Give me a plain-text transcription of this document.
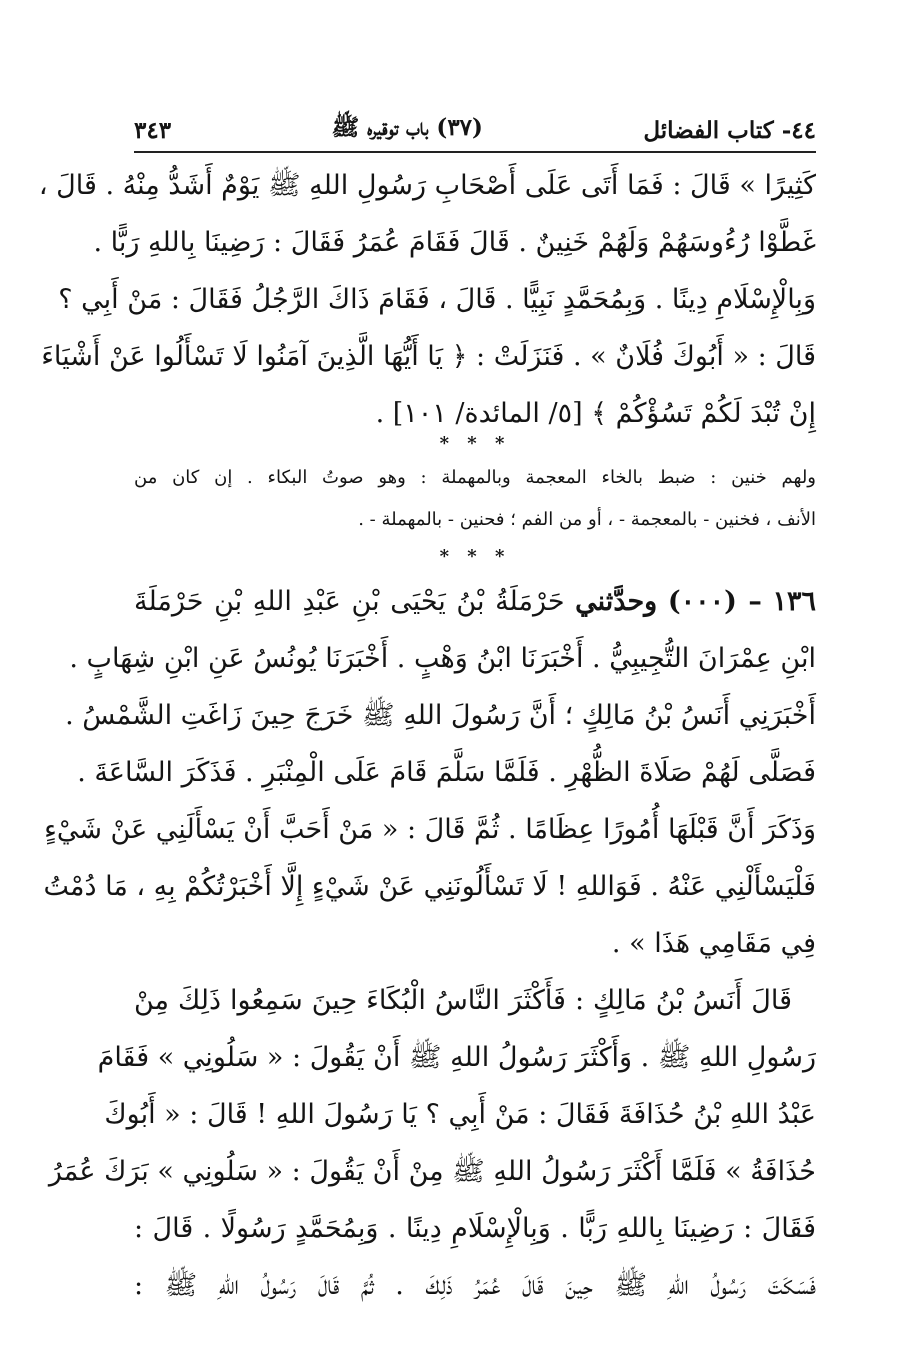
٤٤- كتاب الفضائل
(٣٧) باب توقيره ﷺ
٣٤٣
كَثِيرًا » قَالَ : فَمَا أَتَى عَلَى أَصْحَابِ رَسُولِ اللهِ ﷺ يَوْمٌ أَشَدُّ مِنْهُ . قَالَ ،
غَطَّوْا رُءُوسَهُمْ وَلَهُمْ خَنِينٌ . قَالَ فَقَامَ عُمَرُ فَقَالَ : رَضِينَا بِاللهِ رَبًّا .
وَبِالْإِسْلَامِ دِينًا . وَبِمُحَمَّدٍ نَبِيًّا . قَالَ ، فَقَامَ ذَاكَ الرَّجُلُ فَقَالَ : مَنْ أَبِي ؟
قَالَ : « أَبُوكَ فُلَانٌ » . فَنَزَلَتْ : ﴿ يَا أَيُّهَا الَّذِينَ آمَنُوا لَا تَسْأَلُوا عَنْ أَشْيَاءَ
إِنْ تُبْدَ لَكُمْ تَسُؤْكُمْ ﴾ [٥/ المائدة/ ١٠١] .
* * *
ولهم خنين : ضبط بالخاء المعجمة وبالمهملة : وهو صوتُ البكاء . إن كان من
الأنف ، فخنين - بالمعجمة - ، أو من الفم ؛ فحنين - بالمهملة - .
* * *
١٣٦ – (٠٠٠) وحدَّثني حَرْمَلَةُ بْنُ يَحْيَى بْنِ عَبْدِ اللهِ بْنِ حَرْمَلَةَ
ابْنِ عِمْرَانَ التُّجِيبِيُّ . أَخْبَرَنَا ابْنُ وَهْبٍ . أَخْبَرَنَا يُونُسُ عَنِ ابْنِ شِهَابٍ .
أَخْبَرَنِي أَنَسُ بْنُ مَالِكٍ ؛ أَنَّ رَسُولَ اللهِ ﷺ خَرَجَ حِينَ زَاغَتِ الشَّمْسُ .
فَصَلَّى لَهُمْ صَلَاةَ الظُّهْرِ . فَلَمَّا سَلَّمَ قَامَ عَلَى الْمِنْبَرِ . فَذَكَرَ السَّاعَةَ .
وَذَكَرَ أَنَّ قَبْلَهَا أُمُورًا عِظَامًا . ثُمَّ قَالَ : « مَنْ أَحَبَّ أَنْ يَسْأَلَنِي عَنْ شَيْءٍ
فَلْيَسْأَلْنِي عَنْهُ . فَوَاللهِ ! لَا تَسْأَلُونَنِي عَنْ شَيْءٍ إِلَّا أَخْبَرْتُكُمْ بِهِ ، مَا دُمْتُ
فِي مَقَامِي هَذَا » .
قَالَ أَنَسُ بْنُ مَالِكٍ : فَأَكْثَرَ النَّاسُ الْبُكَاءَ حِينَ سَمِعُوا ذَلِكَ مِنْ
رَسُولِ اللهِ ﷺ . وَأَكْثَرَ رَسُولُ اللهِ ﷺ أَنْ يَقُولَ : « سَلُونِي » فَقَامَ
عَبْدُ اللهِ بْنُ حُذَافَةَ فَقَالَ : مَنْ أَبِي ؟ يَا رَسُولَ اللهِ ! قَالَ : « أَبُوكَ
حُذَافَةُ » فَلَمَّا أَكْثَرَ رَسُولُ اللهِ ﷺ مِنْ أَنْ يَقُولَ : « سَلُونِي » بَرَكَ عُمَرُ
فَقَالَ : رَضِينَا بِاللهِ رَبًّا . وَبِالْإِسْلَامِ دِينًا . وَبِمُحَمَّدٍ رَسُولًا . قَالَ :
فَسَكَتَ رَسُولُ اللهِ ﷺ حِينَ قَالَ عُمَرُ ذَلِكَ . ثُمَّ قَالَ رَسُولُ اللهِ ﷺ :
